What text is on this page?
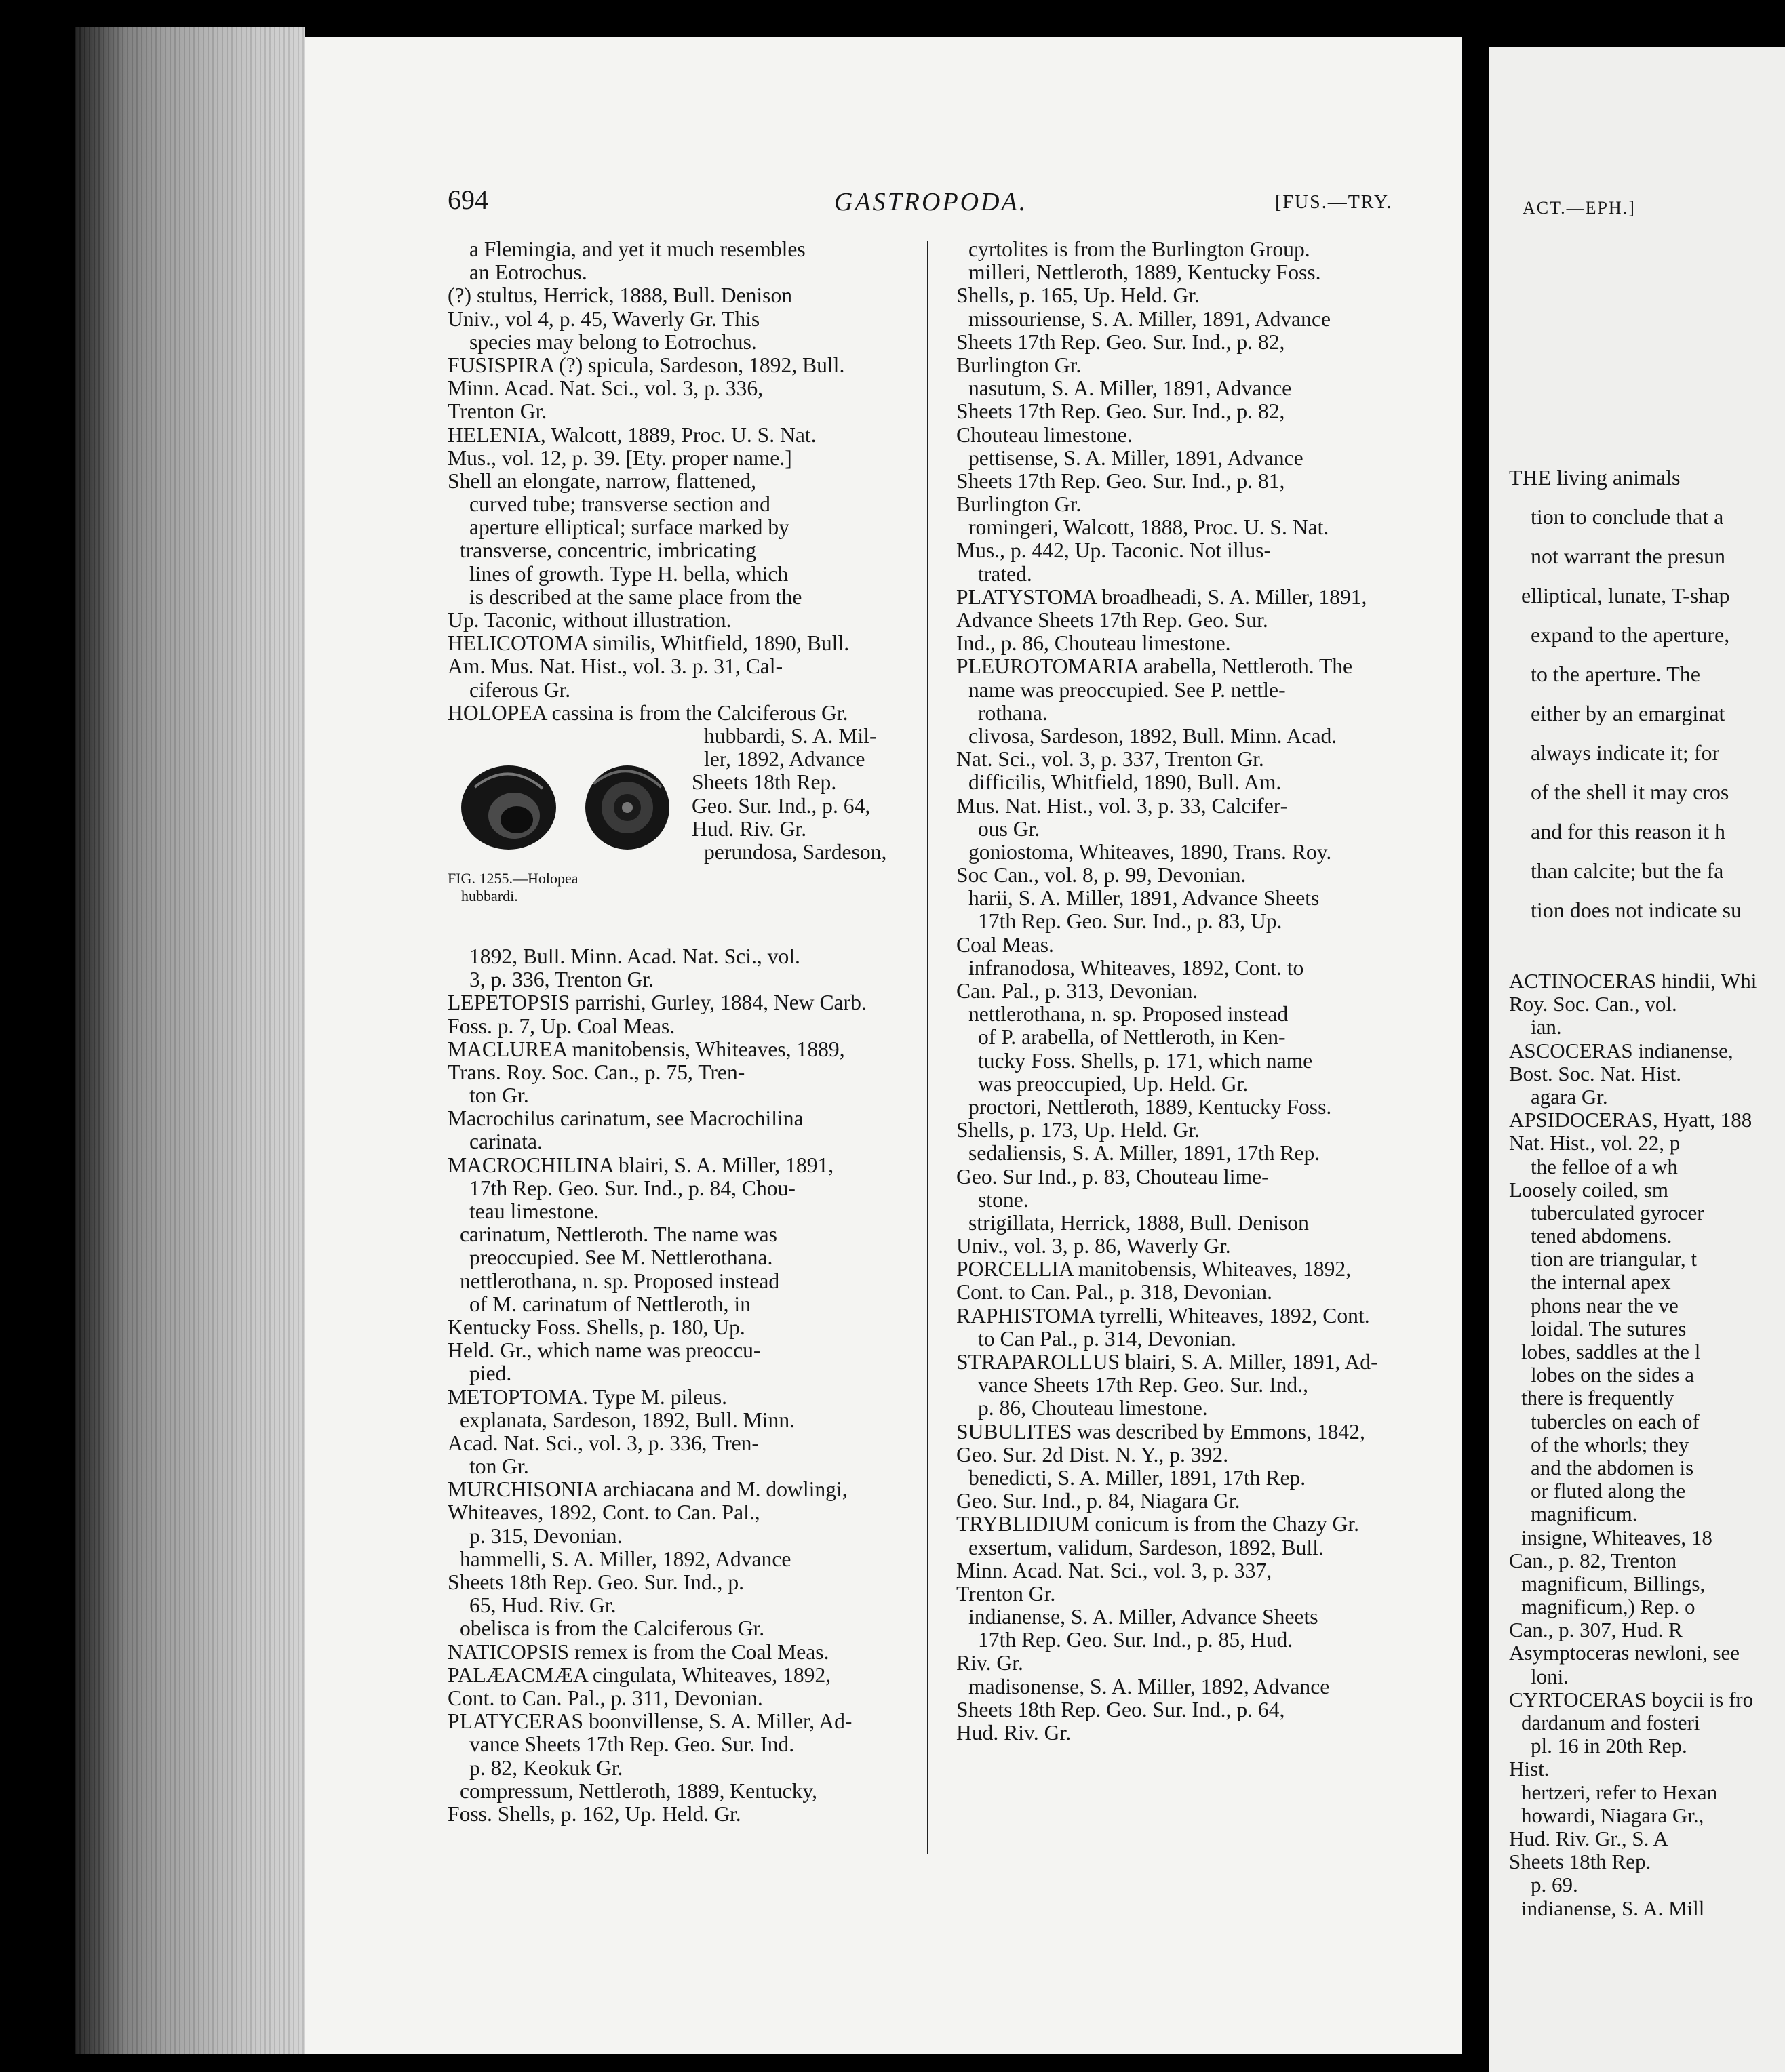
694	GASTROPODA.	[FUS.—TRY.
a Flemingia, and yet it much resembles
an Eotrochus.
(?) stultus, Herrick, 1888, Bull. Denison
Univ., vol 4, p. 45, Waverly Gr. This
species may belong to Eotrochus.
FUSISPIRA (?) spicula, Sardeson, 1892, Bull.
Minn. Acad. Nat. Sci., vol. 3, p. 336,
Trenton Gr.
HELENIA, Walcott, 1889, Proc. U. S. Nat.
Mus., vol. 12, p. 39. [Ety. proper name.]
Shell an elongate, narrow, flattened,
curved tube; transverse section and
aperture elliptical; surface marked by
transverse, concentric, imbricating
lines of growth. Type H. bella, which
is described at the same place from the
Up. Taconic, without illustration.
HELICOTOMA similis, Whitfield, 1890, Bull.
Am. Mus. Nat. Hist., vol. 3. p. 31, Cal-
ciferous Gr.
HOLOPEA cassina is from the Calciferous Gr.
FIG. 1255.—Holopea
hubbardi.
hubbardi, S. A. Mil-
ler, 1892, Advance
Sheets 18th Rep.
Geo. Sur. Ind., p. 64,
Hud. Riv. Gr.
perundosa, Sardeson,
1892, Bull. Minn. Acad. Nat. Sci., vol.
3, p. 336, Trenton Gr.
LEPETOPSIS parrishi, Gurley, 1884, New Carb.
Foss. p. 7, Up. Coal Meas.
MACLUREA manitobensis, Whiteaves, 1889,
Trans. Roy. Soc. Can., p. 75, Tren-
ton Gr.
Macrochilus carinatum, see Macrochilina
carinata.
MACROCHILINA blairi, S. A. Miller, 1891,
17th Rep. Geo. Sur. Ind., p. 84, Chou-
teau limestone.
carinatum, Nettleroth. The name was
preoccupied. See M. Nettlerothana.
nettlerothana, n. sp. Proposed instead
of M. carinatum of Nettleroth, in
Kentucky Foss. Shells, p. 180, Up.
Held. Gr., which name was preoccu-
pied.
METOPTOMA. Type M. pileus.
explanata, Sardeson, 1892, Bull. Minn.
Acad. Nat. Sci., vol. 3, p. 336, Tren-
ton Gr.
MURCHISONIA archiacana and M. dowlingi,
Whiteaves, 1892, Cont. to Can. Pal.,
p. 315, Devonian.
hammelli, S. A. Miller, 1892, Advance
Sheets 18th Rep. Geo. Sur. Ind., p.
65, Hud. Riv. Gr.
obelisca is from the Calciferous Gr.
NATICOPSIS remex is from the Coal Meas.
PALÆACMÆA cingulata, Whiteaves, 1892,
Cont. to Can. Pal., p. 311, Devonian.
PLATYCERAS boonvillense, S. A. Miller, Ad-
vance Sheets 17th Rep. Geo. Sur. Ind.
p. 82, Keokuk Gr.
compressum, Nettleroth, 1889, Kentucky,
Foss. Shells, p. 162, Up. Held. Gr.
cyrtolites is from the Burlington Group.
milleri, Nettleroth, 1889, Kentucky Foss.
Shells, p. 165, Up. Held. Gr.
missouriense, S. A. Miller, 1891, Advance
Sheets 17th Rep. Geo. Sur. Ind., p. 82,
Burlington Gr.
nasutum, S. A. Miller, 1891, Advance
Sheets 17th Rep. Geo. Sur. Ind., p. 82,
Chouteau limestone.
pettisense, S. A. Miller, 1891, Advance
Sheets 17th Rep. Geo. Sur. Ind., p. 81,
Burlington Gr.
romingeri, Walcott, 1888, Proc. U. S. Nat.
Mus., p. 442, Up. Taconic. Not illus-
trated.
PLATYSTOMA broadheadi, S. A. Miller, 1891,
Advance Sheets 17th Rep. Geo. Sur.
Ind., p. 86, Chouteau limestone.
PLEUROTOMARIA arabella, Nettleroth. The
name was preoccupied. See P. nettle-
rothana.
clivosa, Sardeson, 1892, Bull. Minn. Acad.
Nat. Sci., vol. 3, p. 337, Trenton Gr.
difficilis, Whitfield, 1890, Bull. Am.
Mus. Nat. Hist., vol. 3, p. 33, Calcifer-
ous Gr.
goniostoma, Whiteaves, 1890, Trans. Roy.
Soc Can., vol. 8, p. 99, Devonian.
harii, S. A. Miller, 1891, Advance Sheets
17th Rep. Geo. Sur. Ind., p. 83, Up.
Coal Meas.
infranodosa, Whiteaves, 1892, Cont. to
Can. Pal., p. 313, Devonian.
nettlerothana, n. sp. Proposed instead
of P. arabella, of Nettleroth, in Ken-
tucky Foss. Shells, p. 171, which name
was preoccupied, Up. Held. Gr.
proctori, Nettleroth, 1889, Kentucky Foss.
Shells, p. 173, Up. Held. Gr.
sedaliensis, S. A. Miller, 1891, 17th Rep.
Geo. Sur Ind., p. 83, Chouteau lime-
stone.
strigillata, Herrick, 1888, Bull. Denison
Univ., vol. 3, p. 86, Waverly Gr.
PORCELLIA manitobensis, Whiteaves, 1892,
Cont. to Can. Pal., p. 318, Devonian.
RAPHISTOMA tyrrelli, Whiteaves, 1892, Cont.
to Can Pal., p. 314, Devonian.
STRAPAROLLUS blairi, S. A. Miller, 1891, Ad-
vance Sheets 17th Rep. Geo. Sur. Ind.,
p. 86, Chouteau limestone.
SUBULITES was described by Emmons, 1842,
Geo. Sur. 2d Dist. N. Y., p. 392.
benedicti, S. A. Miller, 1891, 17th Rep.
Geo. Sur. Ind., p. 84, Niagara Gr.
TRYBLIDIUM conicum is from the Chazy Gr.
exsertum, validum, Sardeson, 1892, Bull.
Minn. Acad. Nat. Sci., vol. 3, p. 337,
Trenton Gr.
indianense, S. A. Miller, Advance Sheets
17th Rep. Geo. Sur. Ind., p. 85, Hud.
Riv. Gr.
madisonense, S. A. Miller, 1892, Advance
Sheets 18th Rep. Geo. Sur. Ind., p. 64,
Hud. Riv. Gr.
ACT.—EPH.]
THE living animals
tion to conclude that a
not warrant the presun
elliptical, lunate, T-shap
expand to the aperture,
to the aperture. The
either by an emarginat
always indicate it; for
of the shell it may cros
and for this reason it h
than calcite; but the fa
tion does not indicate su
ACTINOCERAS hindii, Whi
Roy. Soc. Can., vol.
ian.
ASCOCERAS indianense,
Bost. Soc. Nat. Hist.
agara Gr.
APSIDOCERAS, Hyatt, 188
Nat. Hist., vol. 22, p
the felloe of a wh
Loosely coiled, sm
tuberculated gyrocer
tened abdomens.
tion are triangular, t
the internal apex
phons near the ve
loidal. The sutures
lobes, saddles at the l
lobes on the sides a
there is frequently
tubercles on each of
of the whorls; they
and the abdomen is
or fluted along the
magnificum.
insigne, Whiteaves, 18
Can., p. 82, Trenton
magnificum, Billings,
magnificum,) Rep. o
Can., p. 307, Hud. R
Asymptoceras newloni, see
loni.
CYRTOCERAS boycii is fro
dardanum and fosteri
pl. 16 in 20th Rep.
Hist.
hertzeri, refer to Hexan
howardi, Niagara Gr.,
Hud. Riv. Gr., S. A
Sheets 18th Rep.
p. 69.
indianense, S. A. Mill
